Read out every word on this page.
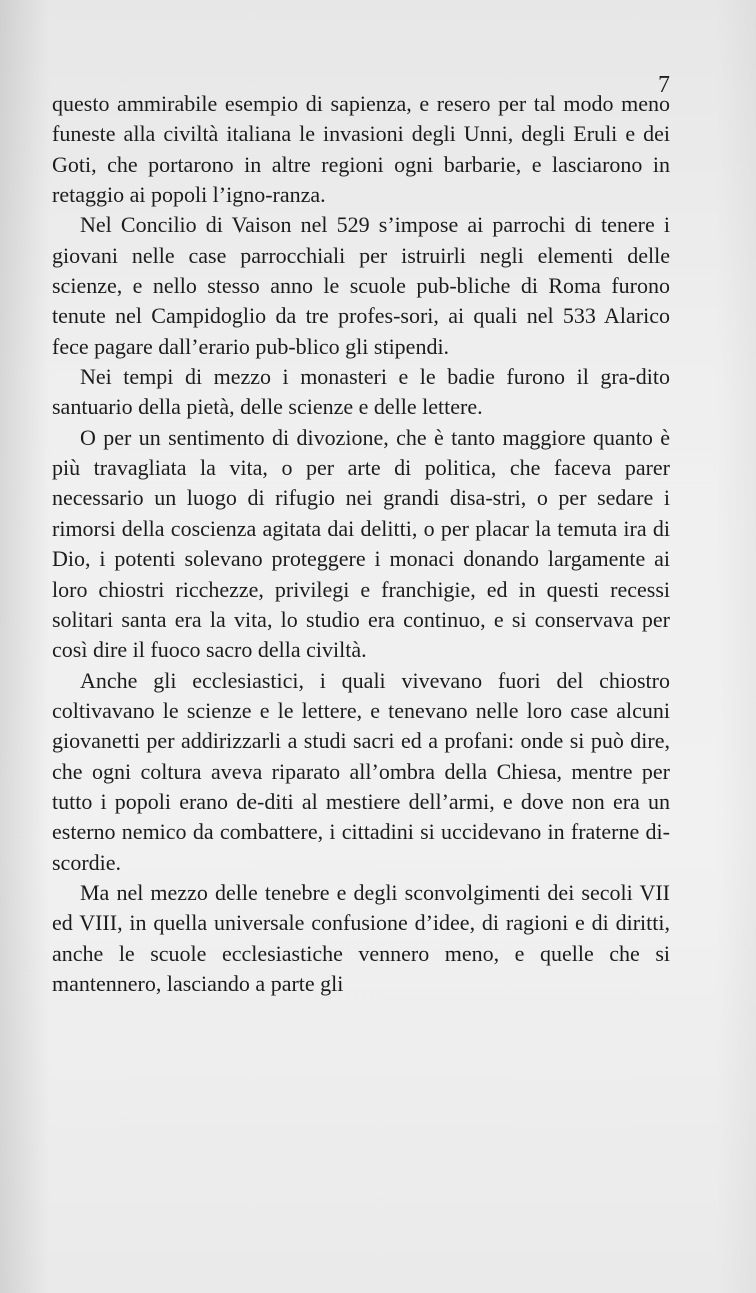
7

questo ammirabile esempio di sapienza, e resero per tal modo meno funeste alla civiltà italiana le invasioni degli Unni, degli Eruli e dei Goti, che portarono in altre regioni ogni barbarie, e lasciarono in retaggio ai popoli l’igno-ranza.

Nel Concilio di Vaison nel 529 s’impose ai parrochi di tenere i giovani nelle case parrocchiali per istruirli negli elementi delle scienze, e nello stesso anno le scuole pub-bliche di Roma furono tenute nel Campidoglio da tre profes-sori, ai quali nel 533 Alarico fece pagare dall’erario pub-blico gli stipendi.

Nei tempi di mezzo i monasteri e le badie furono il gra-dito santuario della pietà, delle scienze e delle lettere.

O per un sentimento di divozione, che è tanto maggiore quanto è più travagliata la vita, o per arte di politica, che faceva parer necessario un luogo di rifugio nei grandi disa-stri, o per sedare i rimorsi della coscienza agitata dai delitti, o per placar la temuta ira di Dio, i potenti solevano proteggere i monaci donando largamente ai loro chiostri ricchezze, privilegi e franchigie, ed in questi recessi solitari santa era la vita, lo studio era continuo, e si conservava per così dire il fuoco sacro della civiltà.

Anche gli ecclesiastici, i quali vivevano fuori del chiostro coltivavano le scienze e le lettere, e tenevano nelle loro case alcuni giovanetti per addirizzarli a studi sacri ed a profani: onde si può dire, che ogni coltura aveva riparato all’ombra della Chiesa, mentre per tutto i popoli erano de-diti al mestiere dell’armi, e dove non era un esterno nemico da combattere, i cittadini si uccidevano in fraterne di-scordie.

Ma nel mezzo delle tenebre e degli sconvolgimenti dei secoli VII ed VIII, in quella universale confusione d’idee, di ragioni e di diritti, anche le scuole ecclesiastiche vennero meno, e quelle che si mantennero, lasciando a parte gli
